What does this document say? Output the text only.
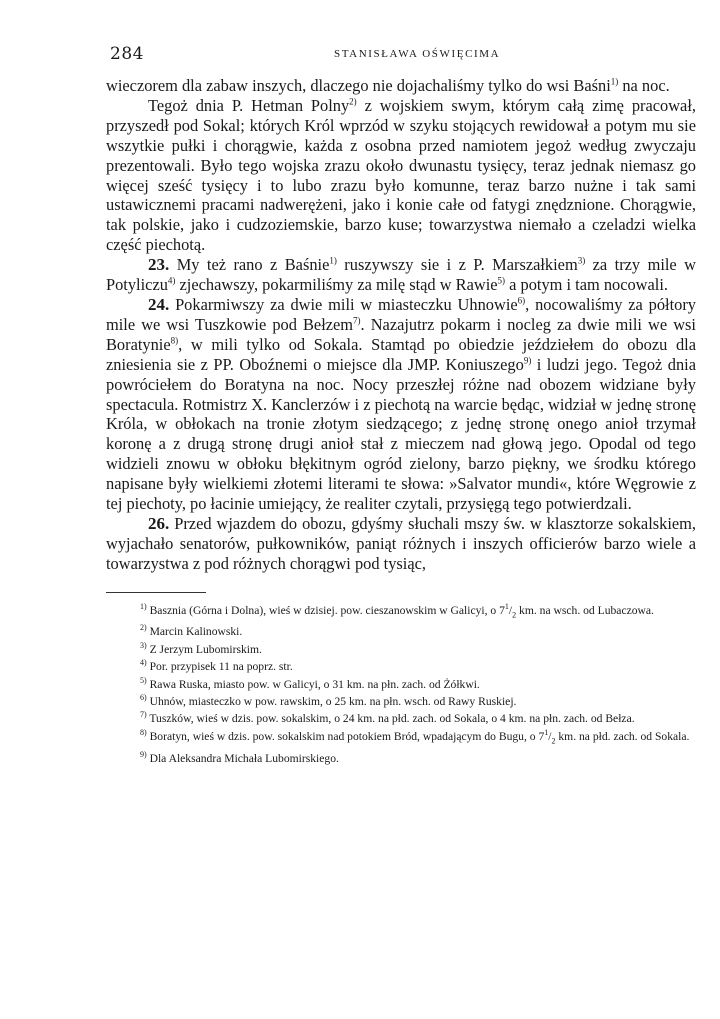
284	STANISŁAWA OŚWIĘCIMA

wieczorem dla zabaw inszych, dlaczego nie dojachaliśmy tylko do wsi Baśni$^{1)}$ na noc.

Tegoż dnia P. Hetman Polny$^{2)}$ z wojskiem swym, którym całą zimę pracował, przyszedł pod Sokal; których Król wprzód w szyku stojących rewidował a potym mu sie wszytkie pułki i chorągwie, każda z osobna przed namiotem jegoż według zwyczaju prezentowali. Było tego wojska zrazu około dwunastu tysięcy, teraz jednak niemasz go więcej sześć tysięcy i to lubo zrazu było komunne, teraz barzo nużne i tak sami ustawicznemi pracami nadwerężeni, jako i konie całe od fatygi znędznione. Chorągwie, tak polskie, jako i cudzoziemskie, barzo kuse; towarzystwa niemało a czeladzi wielka część piechotą.

23. My też rano z Baśnie$^{1)}$ ruszywszy sie i z P. Marszałkiem$^{3)}$ za trzy mile w Potyliczu$^{4)}$ zjechawszy, pokarmiliśmy za milę stąd w Rawie$^{5)}$ a potym i tam nocowali.

24. Pokarmiwszy za dwie mili w miasteczku Uhnowie$^{6)}$, nocowaliśmy za półtory mile we wsi Tuszkowie pod Bełzem$^{7)}$. Nazajutrz pokarm i nocleg za dwie mili we wsi Boratynie$^{8)}$, w mili tylko od Sokala. Stamtąd po obiedzie jeździełem do obozu dla zniesienia sie z PP. Oboźnemi o miejsce dla JMP. Koniuszego$^{9)}$ i ludzi jego. Tegoż dnia powróciełem do Boratyna na noc. Nocy przeszłej różne nad obozem widziane były spectacula. Rotmistrz X. Kanclerzów i z piechotą na warcie będąc, widział w jednę stronę Króla, w obłokach na tronie złotym siedzącego; z jednę stronę onego anioł trzymał koronę a z drugą stronę drugi anioł stał z mieczem nad głową jego. Opodal od tego widzieli znowu w obłoku błękitnym ogród zielony, barzo piękny, we środku którego napisane były wielkiemi złotemi literami te słowa: »Salvator mundi«, które Węgrowie z tej piechoty, po łacinie umiejący, że realiter czytali, przysięgą tego potwierdzali.

26. Przed wjazdem do obozu, gdyśmy słuchali mszy św. w klasztorze sokalskiem, wyjachało senatorów, pułkowników, paniąt różnych i inszych officierów barzo wiele a towarzystwa z pod różnych chorągwi pod tysiąc,

$^{1)}$ Basznia (Górna i Dolna), wieś w dzisiej. pow. cieszanowskim w Galicyi, o $7^1/_2$ km. na wsch. od Lubaczowa.

$^{2)}$ Marcin Kalinowski.

$^{3)}$ Z Jerzym Lubomirskim.

$^{4)}$ Por. przypisek 11 na poprz. str.

$^{5)}$ Rawa Ruska, miasto pow. w Galicyi, o 31 km. na płn. zach. od Żółkwi.

$^{6)}$ Uhnów, miasteczko w pow. rawskim, o 25 km. na płn. wsch. od Rawy Ruskiej.

$^{7)}$ Tuszków, wieś w dzis. pow. sokalskim, o 24 km. na płd. zach. od Sokala, o 4 km. na płn. zach. od Bełza.

$^{8)}$ Boratyn, wieś w dzis. pow. sokalskim nad potokiem Bród, wpadającym do Bugu, o $7^1/_2$ km. na płd. zach. od Sokala.

$^{9)}$ Dla Aleksandra Michała Lubomirskiego.
